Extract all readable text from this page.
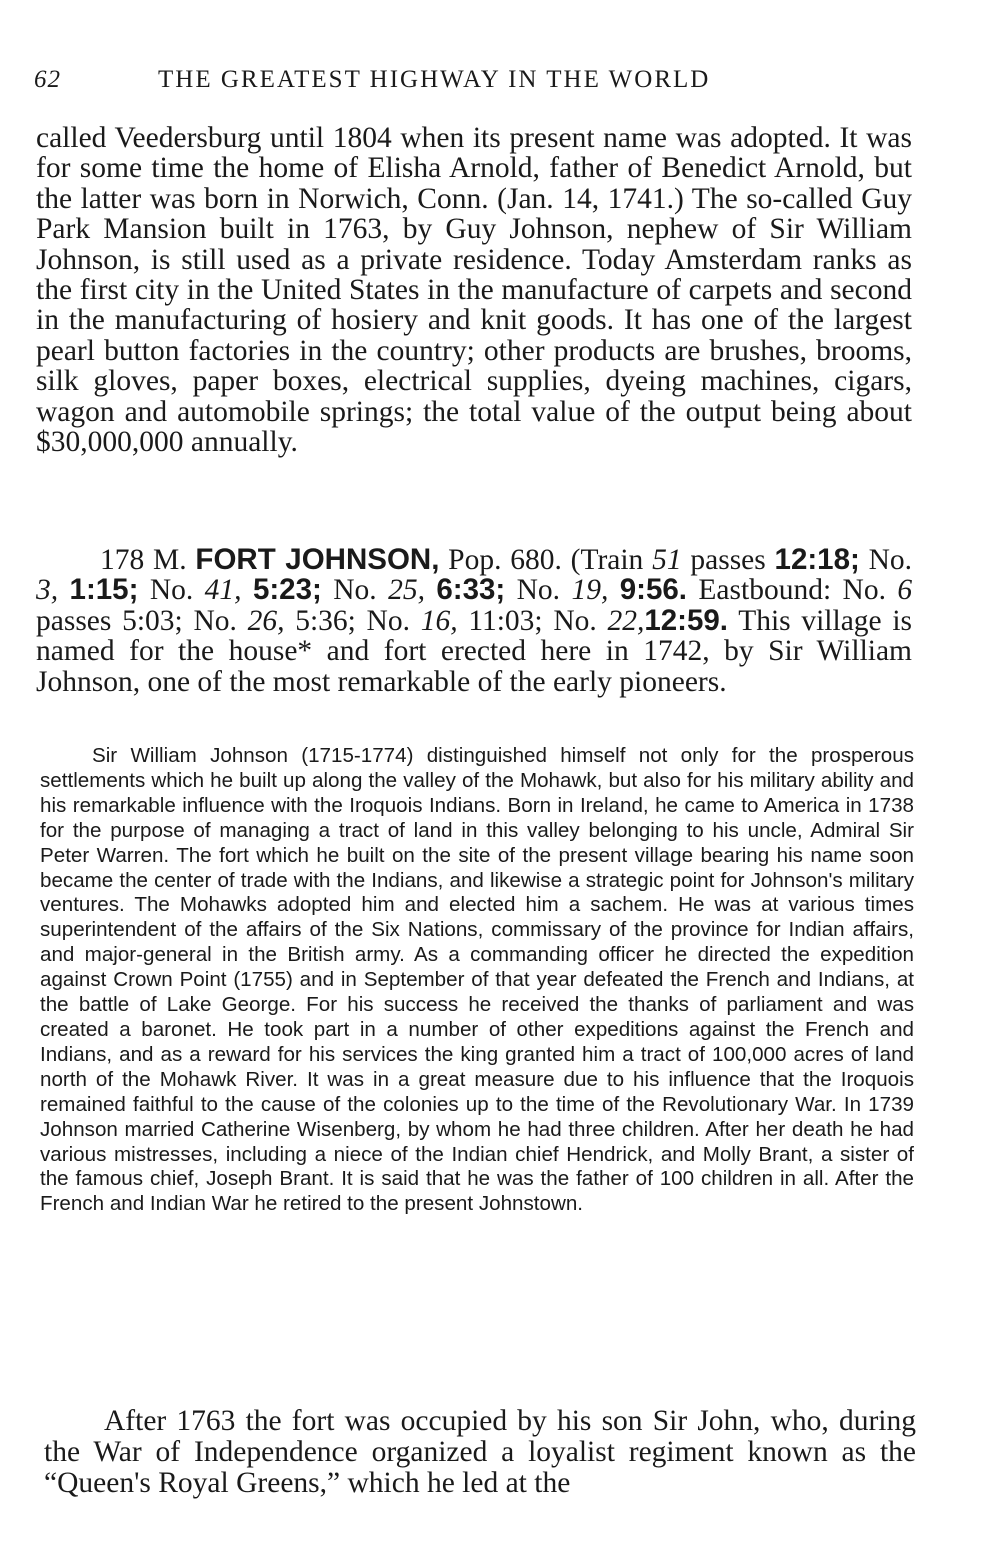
62	THE GREATEST HIGHWAY IN THE WORLD
called Veedersburg until 1804 when its present name was adopted. It was for some time the home of Elisha Arnold, father of Benedict Arnold, but the latter was born in Norwich, Conn. (Jan. 14, 1741.) The so-called Guy Park Mansion built in 1763, by Guy Johnson, nephew of Sir William Johnson, is still used as a private residence. Today Amsterdam ranks as the first city in the United States in the manufacture of carpets and second in the manufacturing of hosiery and knit goods. It has one of the largest pearl button factories in the country; other products are brushes, brooms, silk gloves, paper boxes, electrical supplies, dyeing machines, cigars, wagon and automobile springs; the total value of the output being about $30,000,000 annually.
178 M. FORT JOHNSON, Pop. 680. (Train 51 passes 12:18; No. 3, 1:15; No. 41, 5:23; No. 25, 6:33; No. 19, 9:56. Eastbound: No. 6 passes 5:03; No. 26, 5:36; No. 16, 11:03; No. 22,12:59. This village is named for the house* and fort erected here in 1742, by Sir William Johnson, one of the most remarkable of the early pioneers.
Sir William Johnson (1715-1774) distinguished himself not only for the prosperous settlements which he built up along the valley of the Mohawk, but also for his military ability and his remarkable influence with the Iroquois Indians. Born in Ireland, he came to America in 1738 for the purpose of managing a tract of land in this valley belonging to his uncle, Admiral Sir Peter Warren. The fort which he built on the site of the present village bearing his name soon became the center of trade with the Indians, and likewise a strategic point for Johnson's military ventures. The Mohawks adopted him and elected him a sachem. He was at various times superintendent of the affairs of the Six Nations, commissary of the province for Indian affairs, and major-general in the British army. As a commanding officer he directed the expedition against Crown Point (1755) and in September of that year defeated the French and Indians, at the battle of Lake George. For his success he received the thanks of parliament and was created a baronet. He took part in a number of other expeditions against the French and Indians, and as a reward for his services the king granted him a tract of 100,000 acres of land north of the Mohawk River. It was in a great measure due to his influence that the Iroquois remained faithful to the cause of the colonies up to the time of the Revolutionary War. In 1739 Johnson married Catherine Wisenberg, by whom he had three children. After her death he had various mistresses, including a niece of the Indian chief Hendrick, and Molly Brant, a sister of the famous chief, Joseph Brant. It is said that he was the father of 100 children in all. After the French and Indian War he retired to the present Johnstown.
After 1763 the fort was occupied by his son Sir John, who, during the War of Independence organized a loyalist regiment known as the “Queen's Royal Greens,” which he led at the
